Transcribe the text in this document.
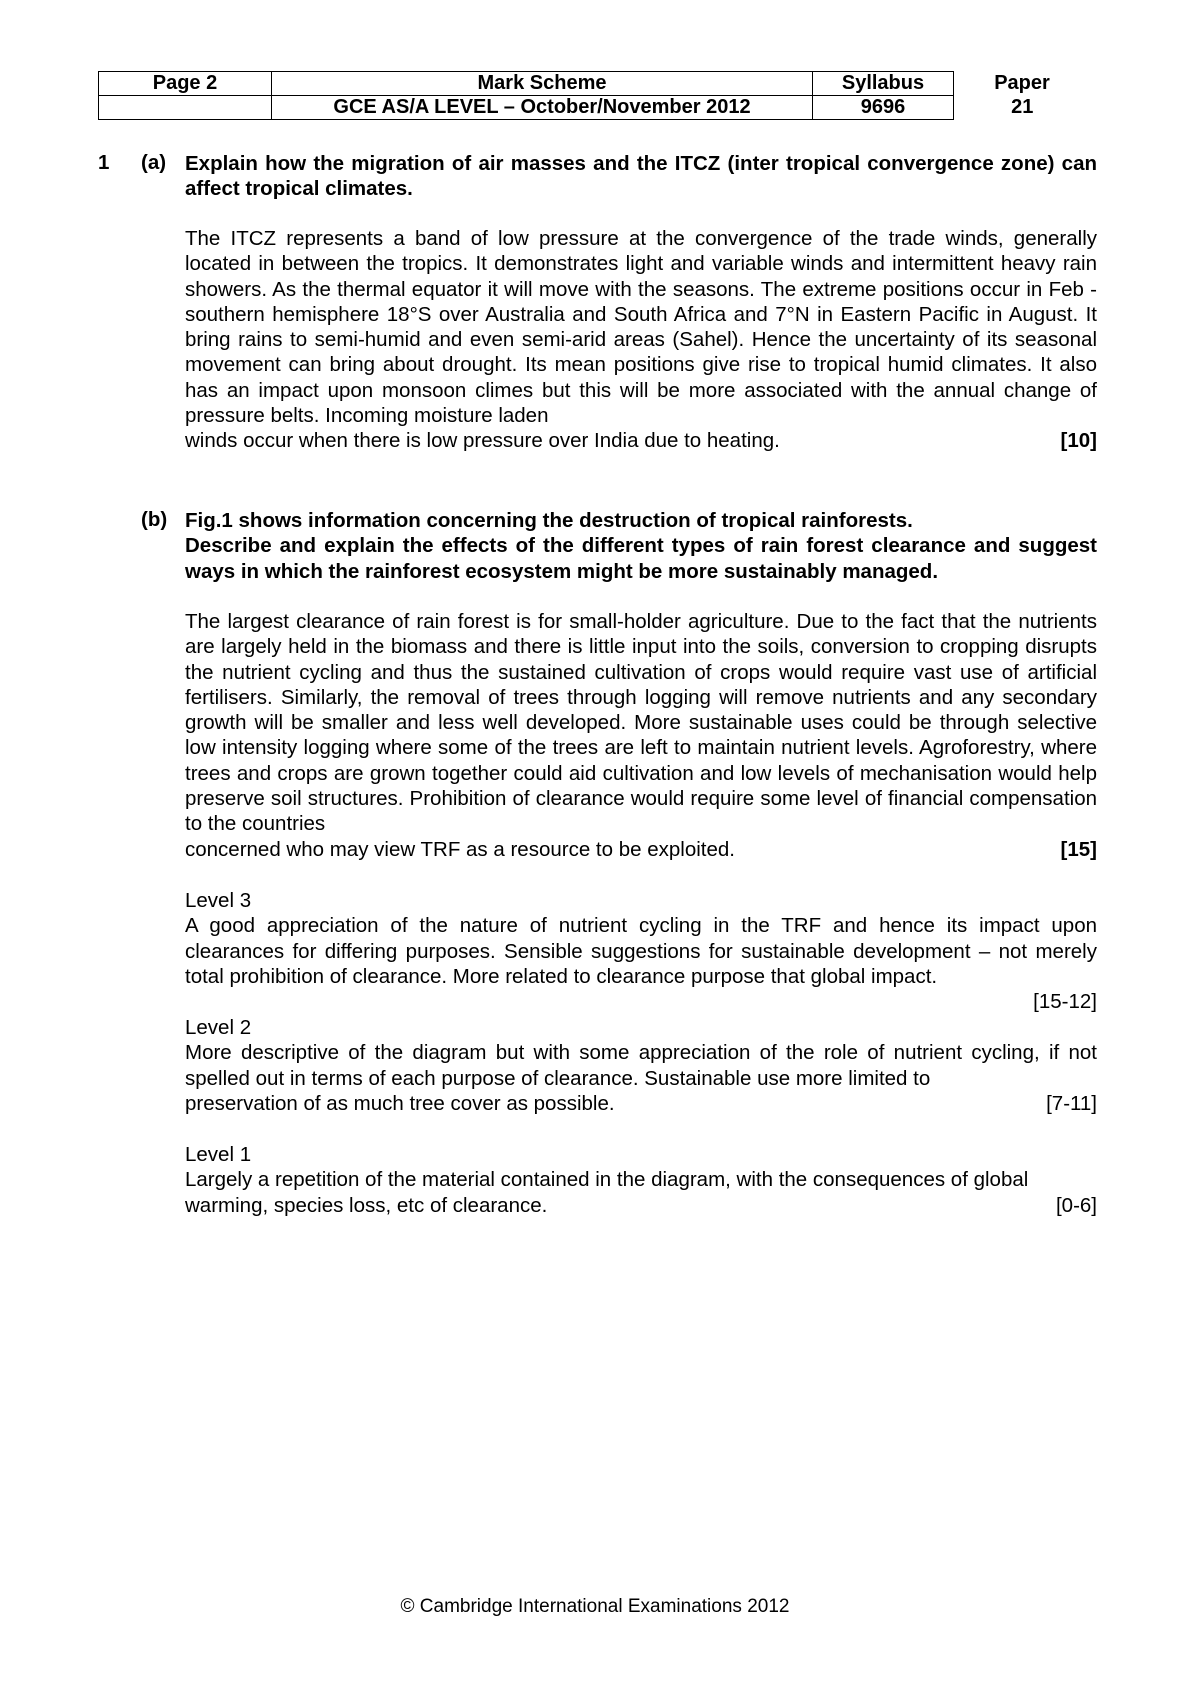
Page 2	Mark Scheme	Syllabus	Paper
	GCE AS/A LEVEL – October/November 2012	9696	21
1 (a) Explain how the migration of air masses and the ITCZ (inter tropical convergence zone) can affect tropical climates.
The ITCZ represents a band of low pressure at the convergence of the trade winds, generally located in between the tropics. It demonstrates light and variable winds and intermittent heavy rain showers. As the thermal equator it will move with the seasons. The extreme positions occur in Feb - southern hemisphere 18°S over Australia and South Africa and 7°N in Eastern Pacific in August. It bring rains to semi-humid and even semi-arid areas (Sahel). Hence the uncertainty of its seasonal movement can bring about drought. Its mean positions give rise to tropical humid climates. It also has an impact upon monsoon climes but this will be more associated with the annual change of pressure belts. Incoming moisture laden
winds occur when there is low pressure over India due to heating.	[10]
(b) Fig.1 shows information concerning the destruction of tropical rainforests.
Describe and explain the effects of the different types of rain forest clearance and suggest ways in which the rainforest ecosystem might be more sustainably managed.
The largest clearance of rain forest is for small-holder agriculture. Due to the fact that the nutrients are largely held in the biomass and there is little input into the soils, conversion to cropping disrupts the nutrient cycling and thus the sustained cultivation of crops would require vast use of artificial fertilisers. Similarly, the removal of trees through logging will remove nutrients and any secondary growth will be smaller and less well developed. More sustainable uses could be through selective low intensity logging where some of the trees are left to maintain nutrient levels. Agroforestry, where trees and crops are grown together could aid cultivation and low levels of mechanisation would help preserve soil structures. Prohibition of clearance would require some level of financial compensation to the countries
concerned who may view TRF as a resource to be exploited.	[15]
Level 3
A good appreciation of the nature of nutrient cycling in the TRF and hence its impact upon clearances for differing purposes. Sensible suggestions for sustainable development – not merely total prohibition of clearance. More related to clearance purpose that global impact.
[15-12]
Level 2
More descriptive of the diagram but with some appreciation of the role of nutrient cycling, if not spelled out in terms of each purpose of clearance. Sustainable use more limited to
preservation of as much tree cover as possible.	[7-11]
Level 1
Largely a repetition of the material contained in the diagram, with the consequences of global
warming, species loss, etc of clearance.	[0-6]
© Cambridge International Examinations 2012
